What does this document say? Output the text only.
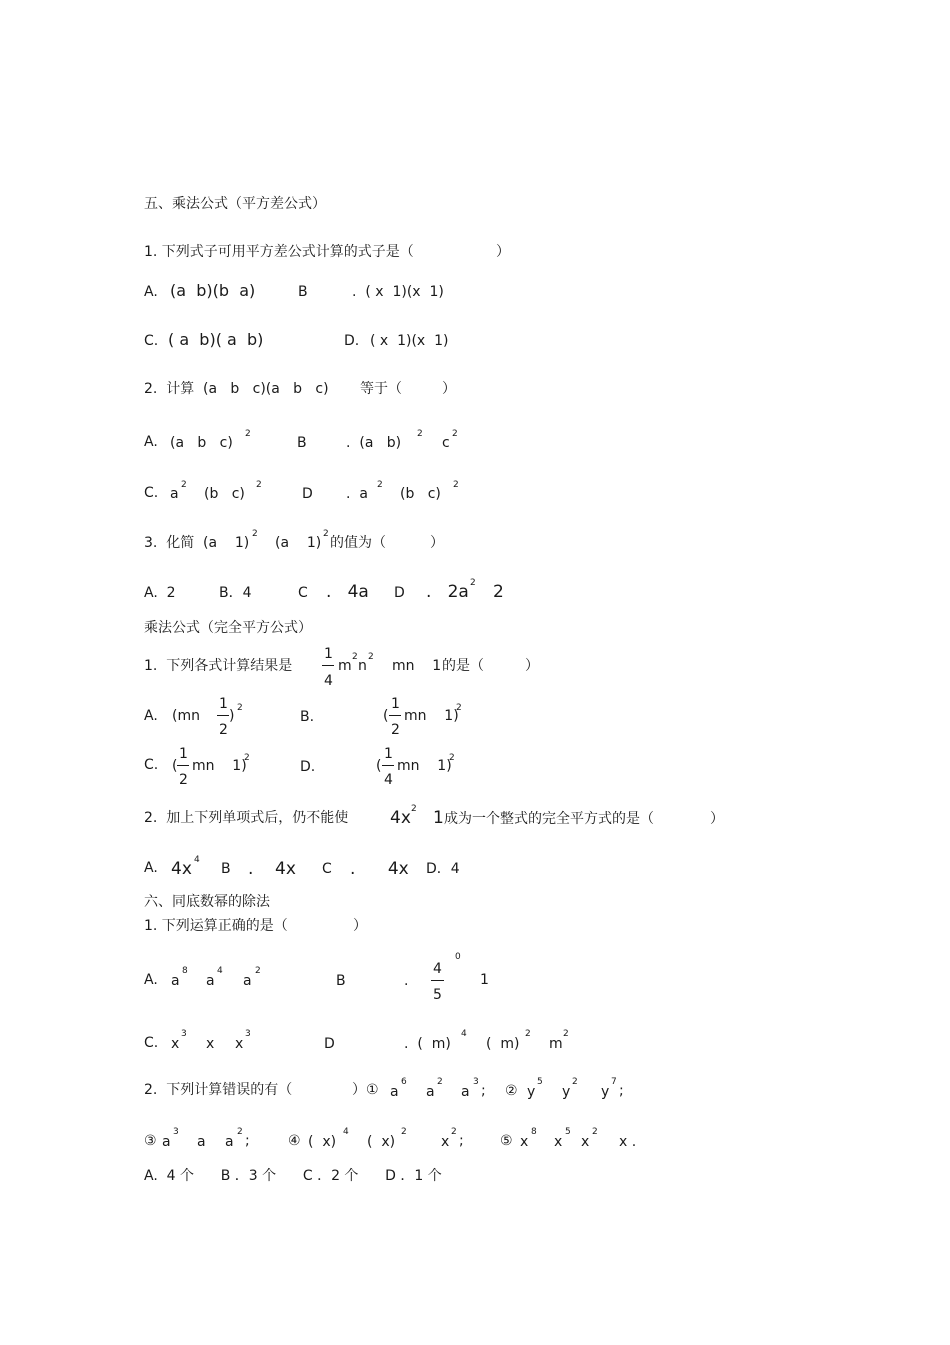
五、乘法公式（平方差公式）
1. 下列式子可用平方差公式计算的式子是（	）
A. (a  b)(b  a)	B	.  ( x  1)(x  1)
C. ( a  b)( a  b)	D. ( x  1)(x  1)
2.  计算 (a   b   c)(a   b   c) 等于（	）
A. (a   b   c)
2
B	.  (a   b)
2
c
2
C. a
2
(b   c)
2
D .  a
2
(b   c)
2
3.  化简 (a    1)
2
(a    1)
2
的值为（	）
A.  2	B．4	C .   4a D .   2a 2 2
乘法公式（完全平方公式）
1.  下列各式计算结果是
1
4
m
2
n
2
mn    1 的是（	）
A. (mn
1
2
) 2
B.	(
1
2
mn    1)
2
C. (
1
2
mn    1)
2
D.	(
1
4
mn    1)
2
2.  加上下列单项式后，仍不能使 4x 2 1 成为一个整式的完全平方式的是（	）
A. 4x 4
B .    4x C .      4x D．4
六、同底数幂的除法
1. 下列运算正确的是（	）
A. a
8
a
4
a
2
B	.
4
5
0
1
C. x
3
x x
3
D	.  (  m)
4
(  m)
2
m
2
2.  下列计算错误的有（	）① a
6
a
2
a
3
; ② y
5
y
2
y
7
;
③ a
3
a a
2
;	④ (  x)
4
(  x)
2
x
2
;	⑤ x
8
x
5
x
2
x .
A.  4 个      B ．3 个      C ．2 个      D ．1 个
